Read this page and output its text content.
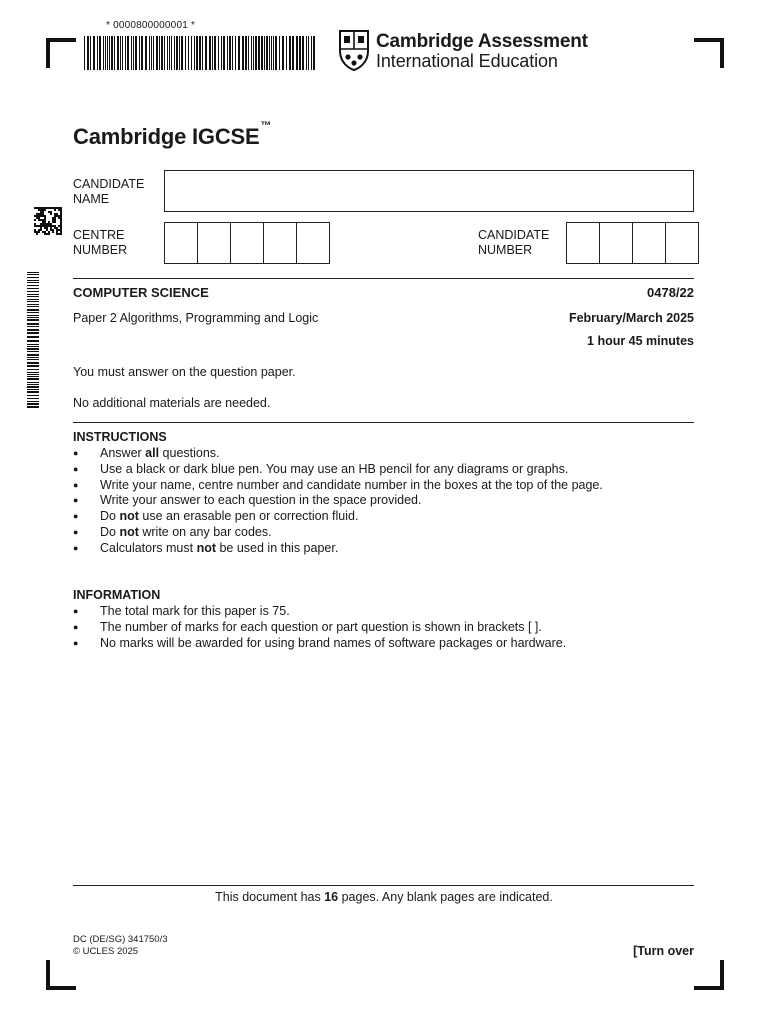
* 0000800000001 *
Cambridge Assessment
International Education
Cambridge IGCSE™
CANDIDATE NAME
CENTRE NUMBER
CANDIDATE NUMBER
COMPUTER SCIENCE	0478/22
Paper 2 Algorithms, Programming and Logic	February/March 2025
1 hour 45 minutes
You must answer on the question paper.
No additional materials are needed.
INSTRUCTIONS
● Answer all questions.
● Use a black or dark blue pen. You may use an HB pencil for any diagrams or graphs.
● Write your name, centre number and candidate number in the boxes at the top of the page.
● Write your answer to each question in the space provided.
● Do not use an erasable pen or correction fluid.
● Do not write on any bar codes.
● Calculators must not be used in this paper.
INFORMATION
● The total mark for this paper is 75.
● The number of marks for each question or part question is shown in brackets [ ].
● No marks will be awarded for using brand names of software packages or hardware.
This document has 16 pages. Any blank pages are indicated.
DC (DE/SG) 341750/3
© UCLES 2025	[Turn over
